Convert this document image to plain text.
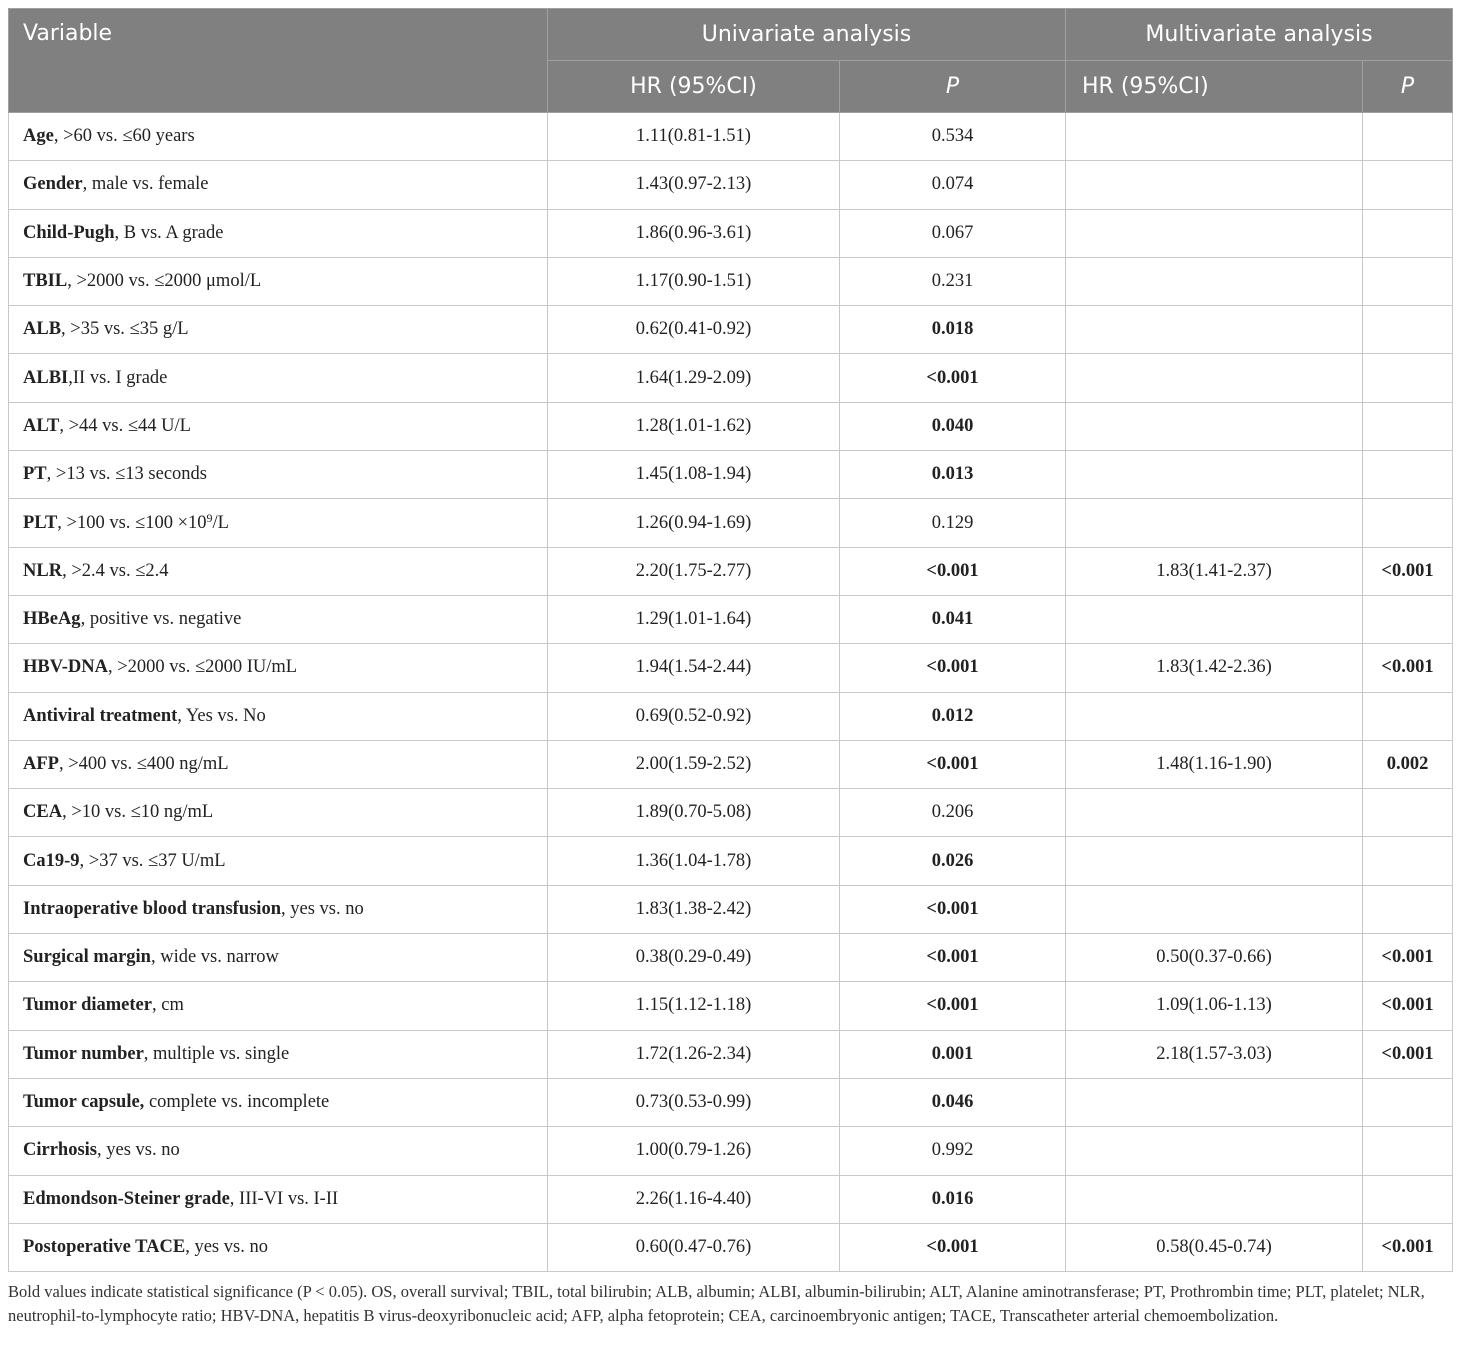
Variable	Univariate analysis		Multivariate analysis	
	HR (95%CI)	P	HR (95%CI)	P
Age, >60 vs. ≤60 years	1.11(0.81-1.51)	0.534		
Gender, male vs. female	1.43(0.97-2.13)	0.074		
Child-Pugh, B vs. A grade	1.86(0.96-3.61)	0.067		
TBIL, >2000 vs. ≤2000 μmol/L	1.17(0.90-1.51)	0.231		
ALB, >35 vs. ≤35 g/L	0.62(0.41-0.92)	0.018		
ALBI,II vs. I grade	1.64(1.29-2.09)	<0.001		
ALT, >44 vs. ≤44 U/L	1.28(1.01-1.62)	0.040		
PT, >13 vs. ≤13 seconds	1.45(1.08-1.94)	0.013		
PLT, >100 vs. $\le 100 \times 10^9/L$	1.26(0.94-1.69)	0.129		
NLR, >2.4 vs. ≤2.4	2.20(1.75-2.77)	<0.001	1.83(1.41-2.37)	<0.001
HBeAg, positive vs. negative	1.29(1.01-1.64)	0.041		
HBV-DNA, >2000 vs. ≤2000 IU/mL	1.94(1.54-2.44)	<0.001	1.83(1.42-2.36)	<0.001
Antiviral treatment, Yes vs. No	0.69(0.52-0.92)	0.012		
AFP, >400 vs. ≤400 ng/mL	2.00(1.59-2.52)	<0.001	1.48(1.16-1.90)	0.002
CEA, >10 vs. ≤10 ng/mL	1.89(0.70-5.08)	0.206		
Ca19-9, >37 vs. ≤37 U/mL	1.36(1.04-1.78)	0.026		
Intraoperative blood transfusion, yes vs. no	1.83(1.38-2.42)	<0.001		
Surgical margin, wide vs. narrow	0.38(0.29-0.49)	<0.001	0.50(0.37-0.66)	<0.001
Tumor diameter, cm	1.15(1.12-1.18)	<0.001	1.09(1.06-1.13)	<0.001
Tumor number, multiple vs. single	1.72(1.26-2.34)	0.001	2.18(1.57-3.03)	<0.001
Tumor capsule, complete vs. incomplete	0.73(0.53-0.99)	0.046		
Cirrhosis, yes vs. no	1.00(0.79-1.26)	0.992		
Edmondson-Steiner grade, III-VI vs. I-II	2.26(1.16-4.40)	0.016		
Postoperative TACE, yes vs. no	0.60(0.47-0.76)	<0.001	0.58(0.45-0.74)	<0.001
Bold values indicate statistical significance (P < 0.05). OS, overall survival; TBIL, total bilirubin; ALB, albumin; ALBI, albumin-bilirubin; ALT, Alanine aminotransferase; PT, Prothrombin time; PLT, platelet; NLR, neutrophil-to-lymphocyte ratio; HBV-DNA, hepatitis B virus-deoxyribonucleic acid; AFP, alpha fetoprotein; CEA, carcinoembryonic antigen; TACE, Transcatheter arterial chemoembolization.
